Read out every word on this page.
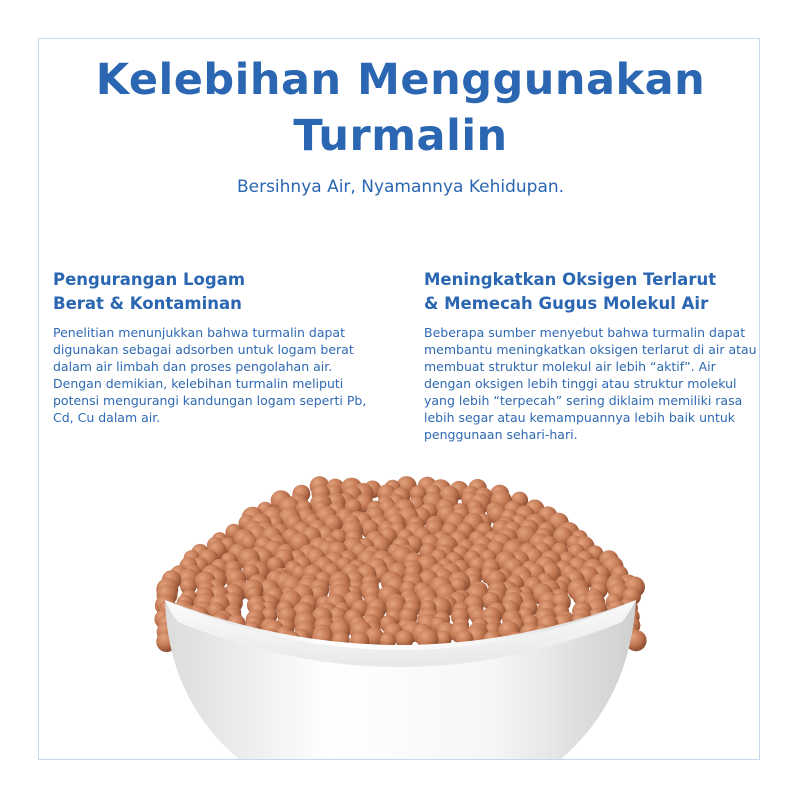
Kelebihan Menggunakan
Turmalin
Bersihnya Air, Nyamannya Kehidupan.
Pengurangan Logam
Berat & Kontaminan

Penelitian menunjukkan bahwa turmalin dapat digunakan sebagai adsorben untuk logam berat dalam air limbah dan proses pengolahan air. Dengan demikian, kelebihan turmalin meliputi potensi mengurangi kandungan logam seperti Pb, Cd, Cu dalam air.

Meningkatkan Oksigen Terlarut
& Memecah Gugus Molekul Air

Beberapa sumber menyebut bahwa turmalin dapat membantu meningkatkan oksigen terlarut di air atau membuat struktur molekul air lebih “aktif”. Air dengan oksigen lebih tinggi atau struktur molekul yang lebih “terpecah” sering diklaim memiliki rasa lebih segar atau kemampuannya lebih baik untuk penggunaan sehari-hari.
